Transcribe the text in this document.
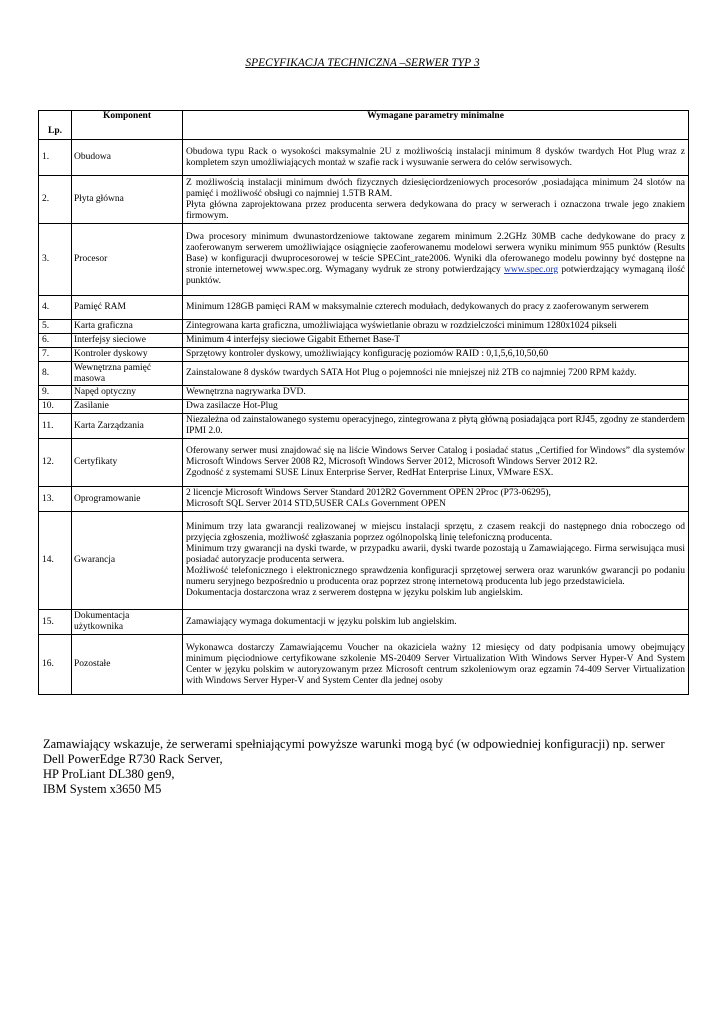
SPECYFIKACJA TECHNICZNA –SERWER TYP 3
Lp.	Komponent	Wymagane parametry minimalne
1.	Obudowa	Obudowa typu Rack o wysokości maksymalnie 2U z możliwością instalacji minimum 8 dysków twardych Hot Plug wraz z kompletem szyn umożliwiających montaż w szafie rack i wysuwanie serwera do celów serwisowych.

2.	Płyta główna	Z możliwością instalacji minimum dwóch fizycznych dziesięciordzeniowych procesorów ,posiadająca minimum 24 slotów na pamięć i możliwość obsługi co najmniej 1.5TB RAM.
Płyta główna zaprojektowana przez producenta serwera dedykowana do pracy w serwerach i oznaczona trwale jego znakiem firmowym.

3.	Procesor	Dwa procesory minimum dwunastordzeniowe taktowane zegarem minimum 2.2GHz 30MB cache dedykowane do pracy z zaoferowanym serwerem umożliwiające osiągnięcie zaoferowanemu modelowi serwera wyniku minimum 955 punktów (Results Base) w konfiguracji dwuprocesorowej w teście SPECint_rate2006. Wyniki dla oferowanego modelu powinny być dostępne na stronie internetowej www.spec.org. Wymagany wydruk ze strony potwierdzający www.spec.org potwierdzający wymaganą ilość punktów.
4.	Pamięć RAM	Minimum 128GB pamięci RAM w maksymalnie czterech modułach, dedykowanych do pracy z zaoferowanym serwerem

5.	Karta graficzna	Zintegrowana karta graficzna, umożliwiająca wyświetlanie obrazu w rozdzielczości minimum 1280x1024 pikseli

6.	Interfejsy sieciowe	Minimum 4 interfejsy sieciowe Gigabit Ethernet Base-T

7.	Kontroler dyskowy	Sprzętowy kontroler dyskowy, umożliwiający konfigurację poziomów RAID : 0,1,5,6,10,50,60

8.	Wewnętrzna pamięć masowa	Zainstalowane 8 dysków twardych SATA Hot Plug o pojemności nie mniejszej niż 2TB co najmniej 7200 RPM każdy.

9.	Napęd optyczny	Wewnętrzna nagrywarka DVD.

10.	Zasilanie	Dwa zasilacze Hot-Plug

11.	Karta Zarządzania	Niezależna od zainstalowanego systemu operacyjnego, zintegrowana z płytą główną posiadająca port RJ45, zgodny ze standerdem IPMI 2.0.

12.	Certyfikaty	Oferowany serwer musi znajdować się na liście Windows Server Catalog i posiadać status „Certified for Windows” dla systemów Microsoft Windows Server 2008 R2, Microsoft Windows Server 2012, Microsoft Windows Server 2012 R2.
Zgodność z systemami SUSE Linux Enterprise Server, RedHat Enterprise Linux, VMware ESX.

13.	Oprogramowanie	2 licencje Microsoft Windows Server Standard 2012R2 Government OPEN 2Proc (P73-06295),
Microsoft SQL Server 2014 STD,5USER CALs Government OPEN

14.	Gwarancja	Minimum trzy lata gwarancji realizowanej w miejscu instalacji sprzętu, z czasem reakcji do następnego dnia roboczego od przyjęcia zgłoszenia, możliwość zgłaszania poprzez ogólnopolską linię telefoniczną producenta.
Minimum trzy gwarancji na dyski twarde, w przypadku awarii, dyski twarde pozostają u Zamawiającego. Firma serwisująca musi posiadać autoryzacje producenta serwera.
Możliwość telefonicznego i elektronicznego sprawdzenia konfiguracji sprzętowej serwera oraz warunków gwarancji po podaniu numeru seryjnego bezpośrednio u producenta oraz poprzez stronę internetową producenta lub jego przedstawiciela.
Dokumentacja dostarczona wraz z serwerem dostępna w języku polskim lub angielskim.

15.	Dokumentacja użytkownika	Zamawiający wymaga dokumentacji w języku polskim lub angielskim.

16.	Pozostałe	Wykonawca dostarczy Zamawiającemu Voucher na okaziciela ważny 12 miesięcy od daty podpisania umowy obejmujący minimum pięciodniowe certyfikowane szkolenie MS-20409 Server Virtualization With Windows Server Hyper-V And System Center w języku polskim w autoryzowanym przez Microsoft centrum szkoleniowym oraz egzamin 74-409 Server Virtualization with Windows Server Hyper-V and System Center dla jednej osoby
Zamawiający wskazuje, że serwerami spełniającymi powyższe warunki mogą być (w odpowiedniej konfiguracji) np. serwer
Dell PowerEdge R730 Rack Server,
HP ProLiant DL380 gen9,
IBM System x3650 M5
